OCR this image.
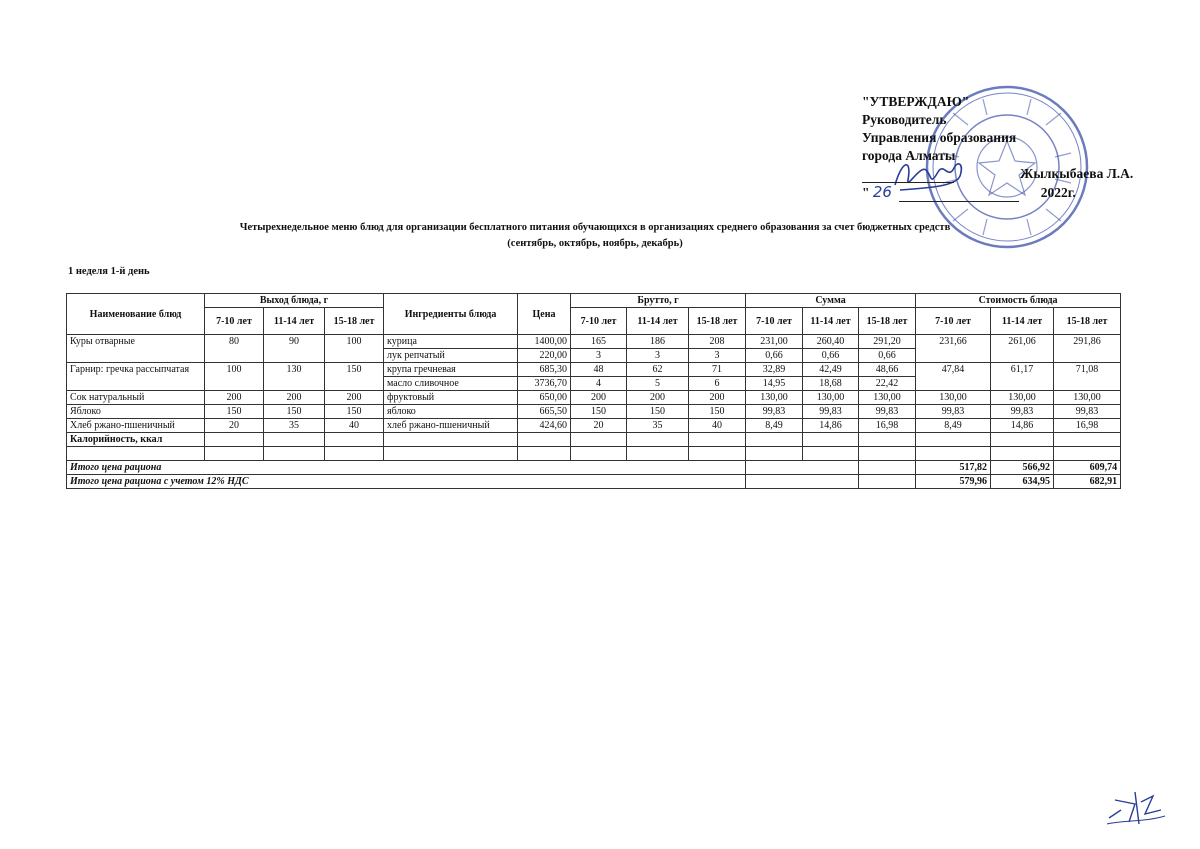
"УТВЕРЖДАЮ"
Руководитель
Управления образования
города Алматы
Жылкыбаева Л.А.
" 26	2022г.
Четырехнедельное меню блюд для организации бесплатного питания обучающихся в организациях среднего образования за счет бюджетных средств
(сентябрь, октябрь, ноябрь, декабрь)
1 неделя 1-й день
Наименование блюд	Выход блюда, г			Ингредиенты блюда	Цена	Брутто, г			Сумма			Стоимость блюда		
	7-10 лет	11-14 лет	15-18 лет			7-10 лет	11-14 лет	15-18 лет	7-10 лет	11-14 лет	15-18 лет	7-10 лет	11-14 лет	15-18 лет
Куры отварные	80	90	100	курица	1400,00	165	186	208	231,00	260,40	291,20	231,66	261,06	291,86
				лук репчатый	220,00	3	3	3	0,66	0,66	0,66			
Гарнир: гречка рассыпчатая	100	130	150	крупа гречневая	685,30	48	62	71	32,89	42,49	48,66	47,84	61,17	71,08
				масло сливочное	3736,70	4	5	6	14,95	18,68	22,42			
Сок натуральный	200	200	200	фруктовый	650,00	200	200	200	130,00	130,00	130,00	130,00	130,00	130,00
Яблоко	150	150	150	яблоко	665,50	150	150	150	99,83	99,83	99,83	99,83	99,83	99,83
Хлеб ржано-пшеничный	20	35	40	хлеб ржано-пшеничный	424,60	20	35	40	8,49	14,86	16,98	8,49	14,86	16,98
Калорийность, ккал														

Итого цена рациона												517,82	566,92	609,74
Итого цена рациона с учетом 12% НДС												579,96	634,95	682,91
